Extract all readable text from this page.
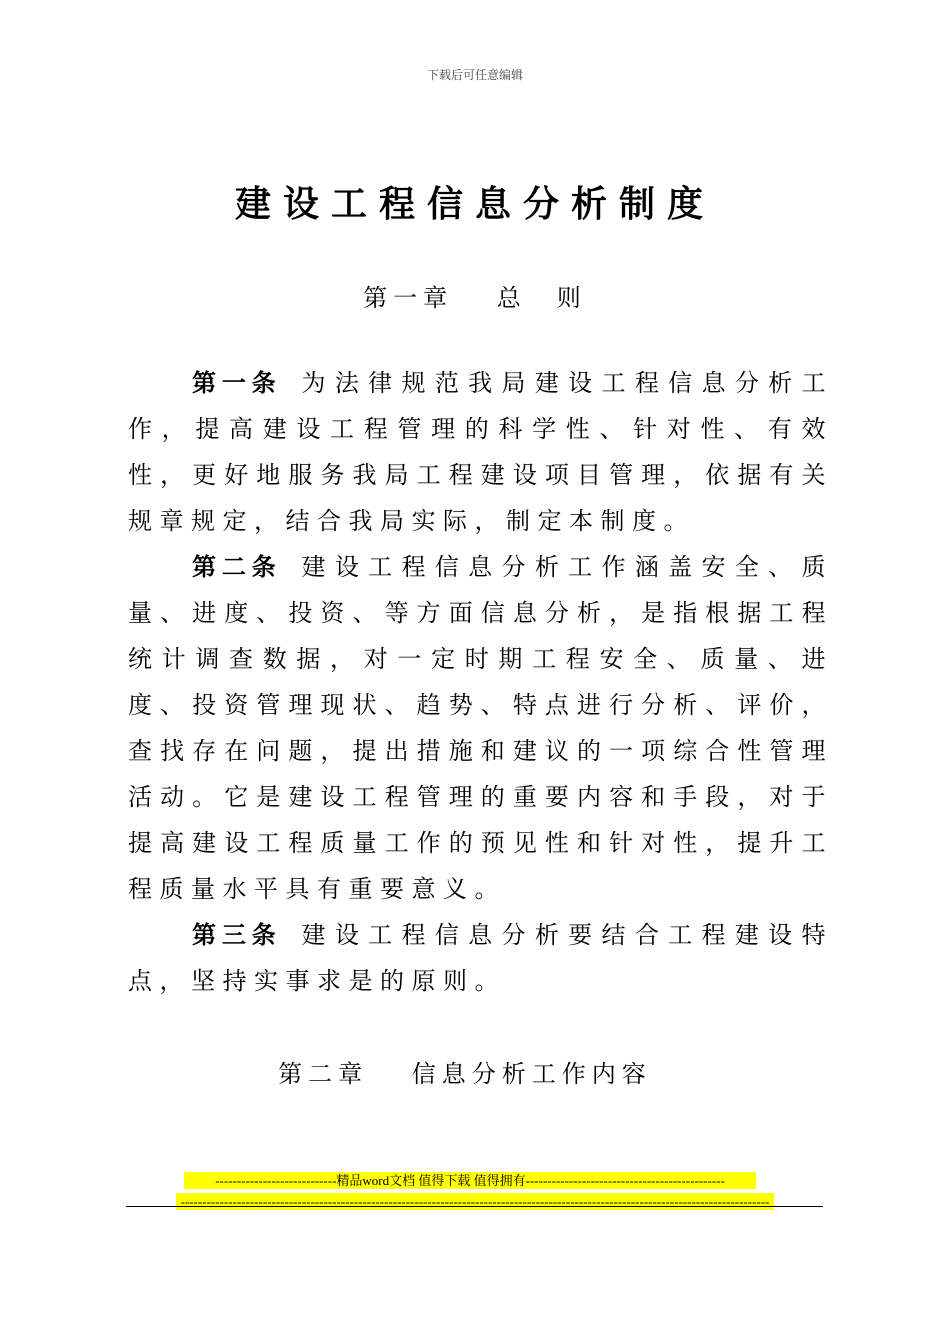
下载后可任意编辑
建设工程信息分析制度
第一章　 总　则

第一条 为法律规范我局建设工程信息分析工作，提高建设工程管理的科学性、针对性、有效性，更好地服务我局工程建设项目管理，依据有关规章规定，结合我局实际，制定本制度。

第二条 建设工程信息分析工作涵盖安全、质量、进度、投资、等方面信息分析，是指根据工程统计调查数据，对一定时期工程安全、质量、进度、投资管理现状、趋势、特点进行分析、评价，查找存在问题，提出措施和建议的一项综合性管理活动。它是建设工程管理的重要内容和手段，对于提高建设工程质量工作的预见性和针对性，提升工程质量水平具有重要意义。

第三条 建设工程信息分析要结合工程建设特点，坚持实事求是的原则。

第二章　 信息分析工作内容
----------------------------精品word文档 值得下载 值得拥有----------------------------------------------
----------------------------------------------------------------------------------------------------------------------------------------
